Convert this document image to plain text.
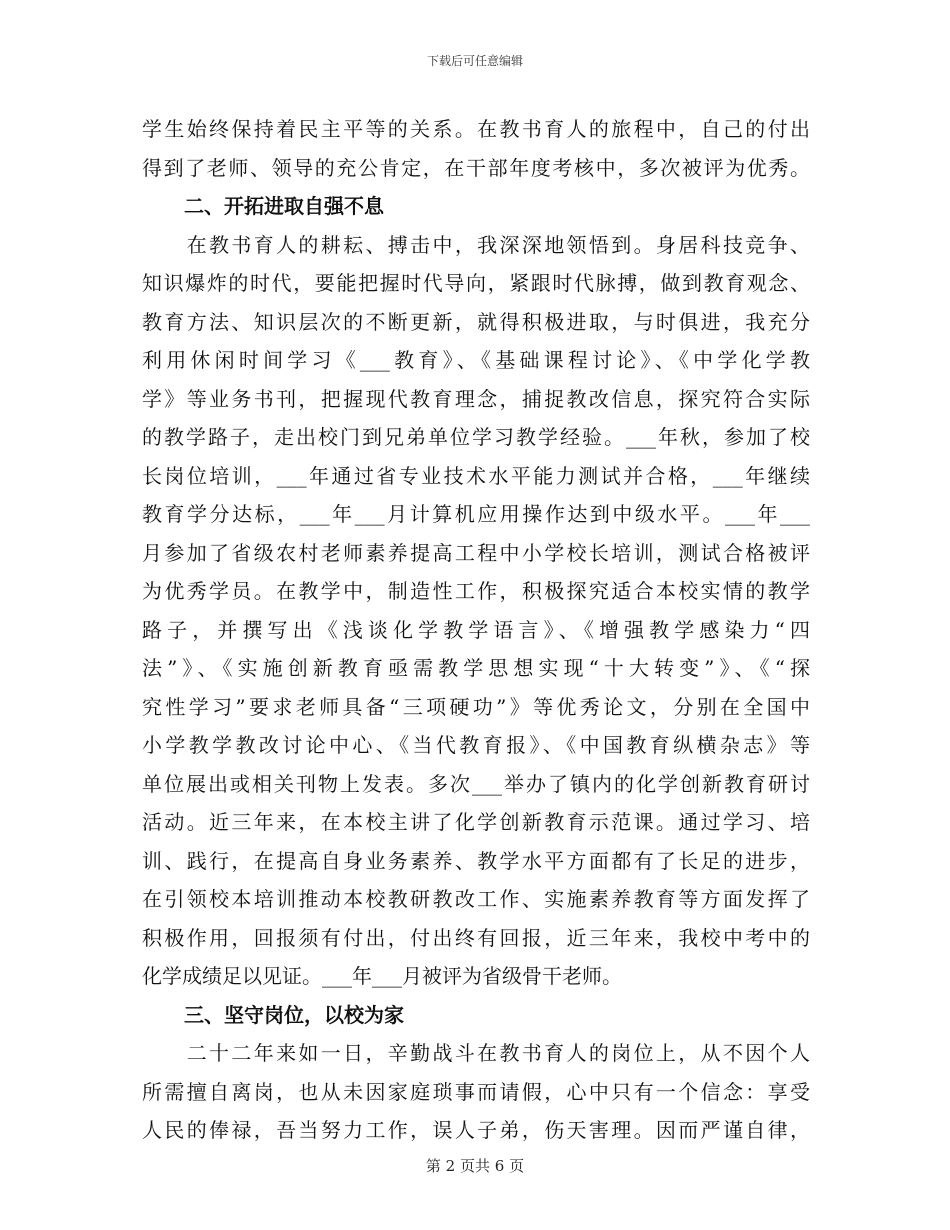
下载后可任意编辑
学生始终保持着民主平等的关系。在教书育人的旅程中，自己的付出
得到了老师、领导的充公肯定，在干部年度考核中，多次被评为优秀。
二、开拓进取自强不息
　　在教书育人的耕耘、搏击中，我深深地领悟到。身居科技竞争、
知识爆炸的时代，要能把握时代导向，紧跟时代脉搏，做到教育观念、
教育方法、知识层次的不断更新，就得积极进取，与时俱进，我充分
利用休闲时间学习《___教育》、《基础课程讨论》、《中学化学教
学》等业务书刊，把握现代教育理念，捕捉教改信息，探究符合实际
的教学路子，走出校门到兄弟单位学习教学经验。___年秋，参加了校
长岗位培训，___年通过省专业技术水平能力测试并合格，___年继续
教育学分达标，___年___月计算机应用操作达到中级水平。___年___
月参加了省级农村老师素养提高工程中小学校长培训，测试合格被评
为优秀学员。在教学中，制造性工作，积极探究适合本校实情的教学
路子，并撰写出《浅谈化学教学语言》、《增强教学感染力“四
法”》、《实施创新教育亟需教学思想实现“十大转变”》、《“探
究性学习”要求老师具备“三项硬功”》等优秀论文，分别在全国中
小学教学教改讨论中心、《当代教育报》、《中国教育纵横杂志》等
单位展出或相关刊物上发表。多次___举办了镇内的化学创新教育研讨
活动。近三年来，在本校主讲了化学创新教育示范课。通过学习、培
训、践行，在提高自身业务素养、教学水平方面都有了长足的进步，
在引领校本培训推动本校教研教改工作、实施素养教育等方面发挥了
积极作用，回报须有付出，付出终有回报，近三年来，我校中考中的
化学成绩足以见证。___年___月被评为省级骨干老师。
三、坚守岗位，以校为家
　　二十二年来如一日，辛勤战斗在教书育人的岗位上，从不因个人
所需擅自离岗，也从未因家庭琐事而请假，心中只有一个信念：享受
人民的俸禄，吾当努力工作，误人子弟，伤天害理。因而严谨自律，
第 2 页共 6 页
